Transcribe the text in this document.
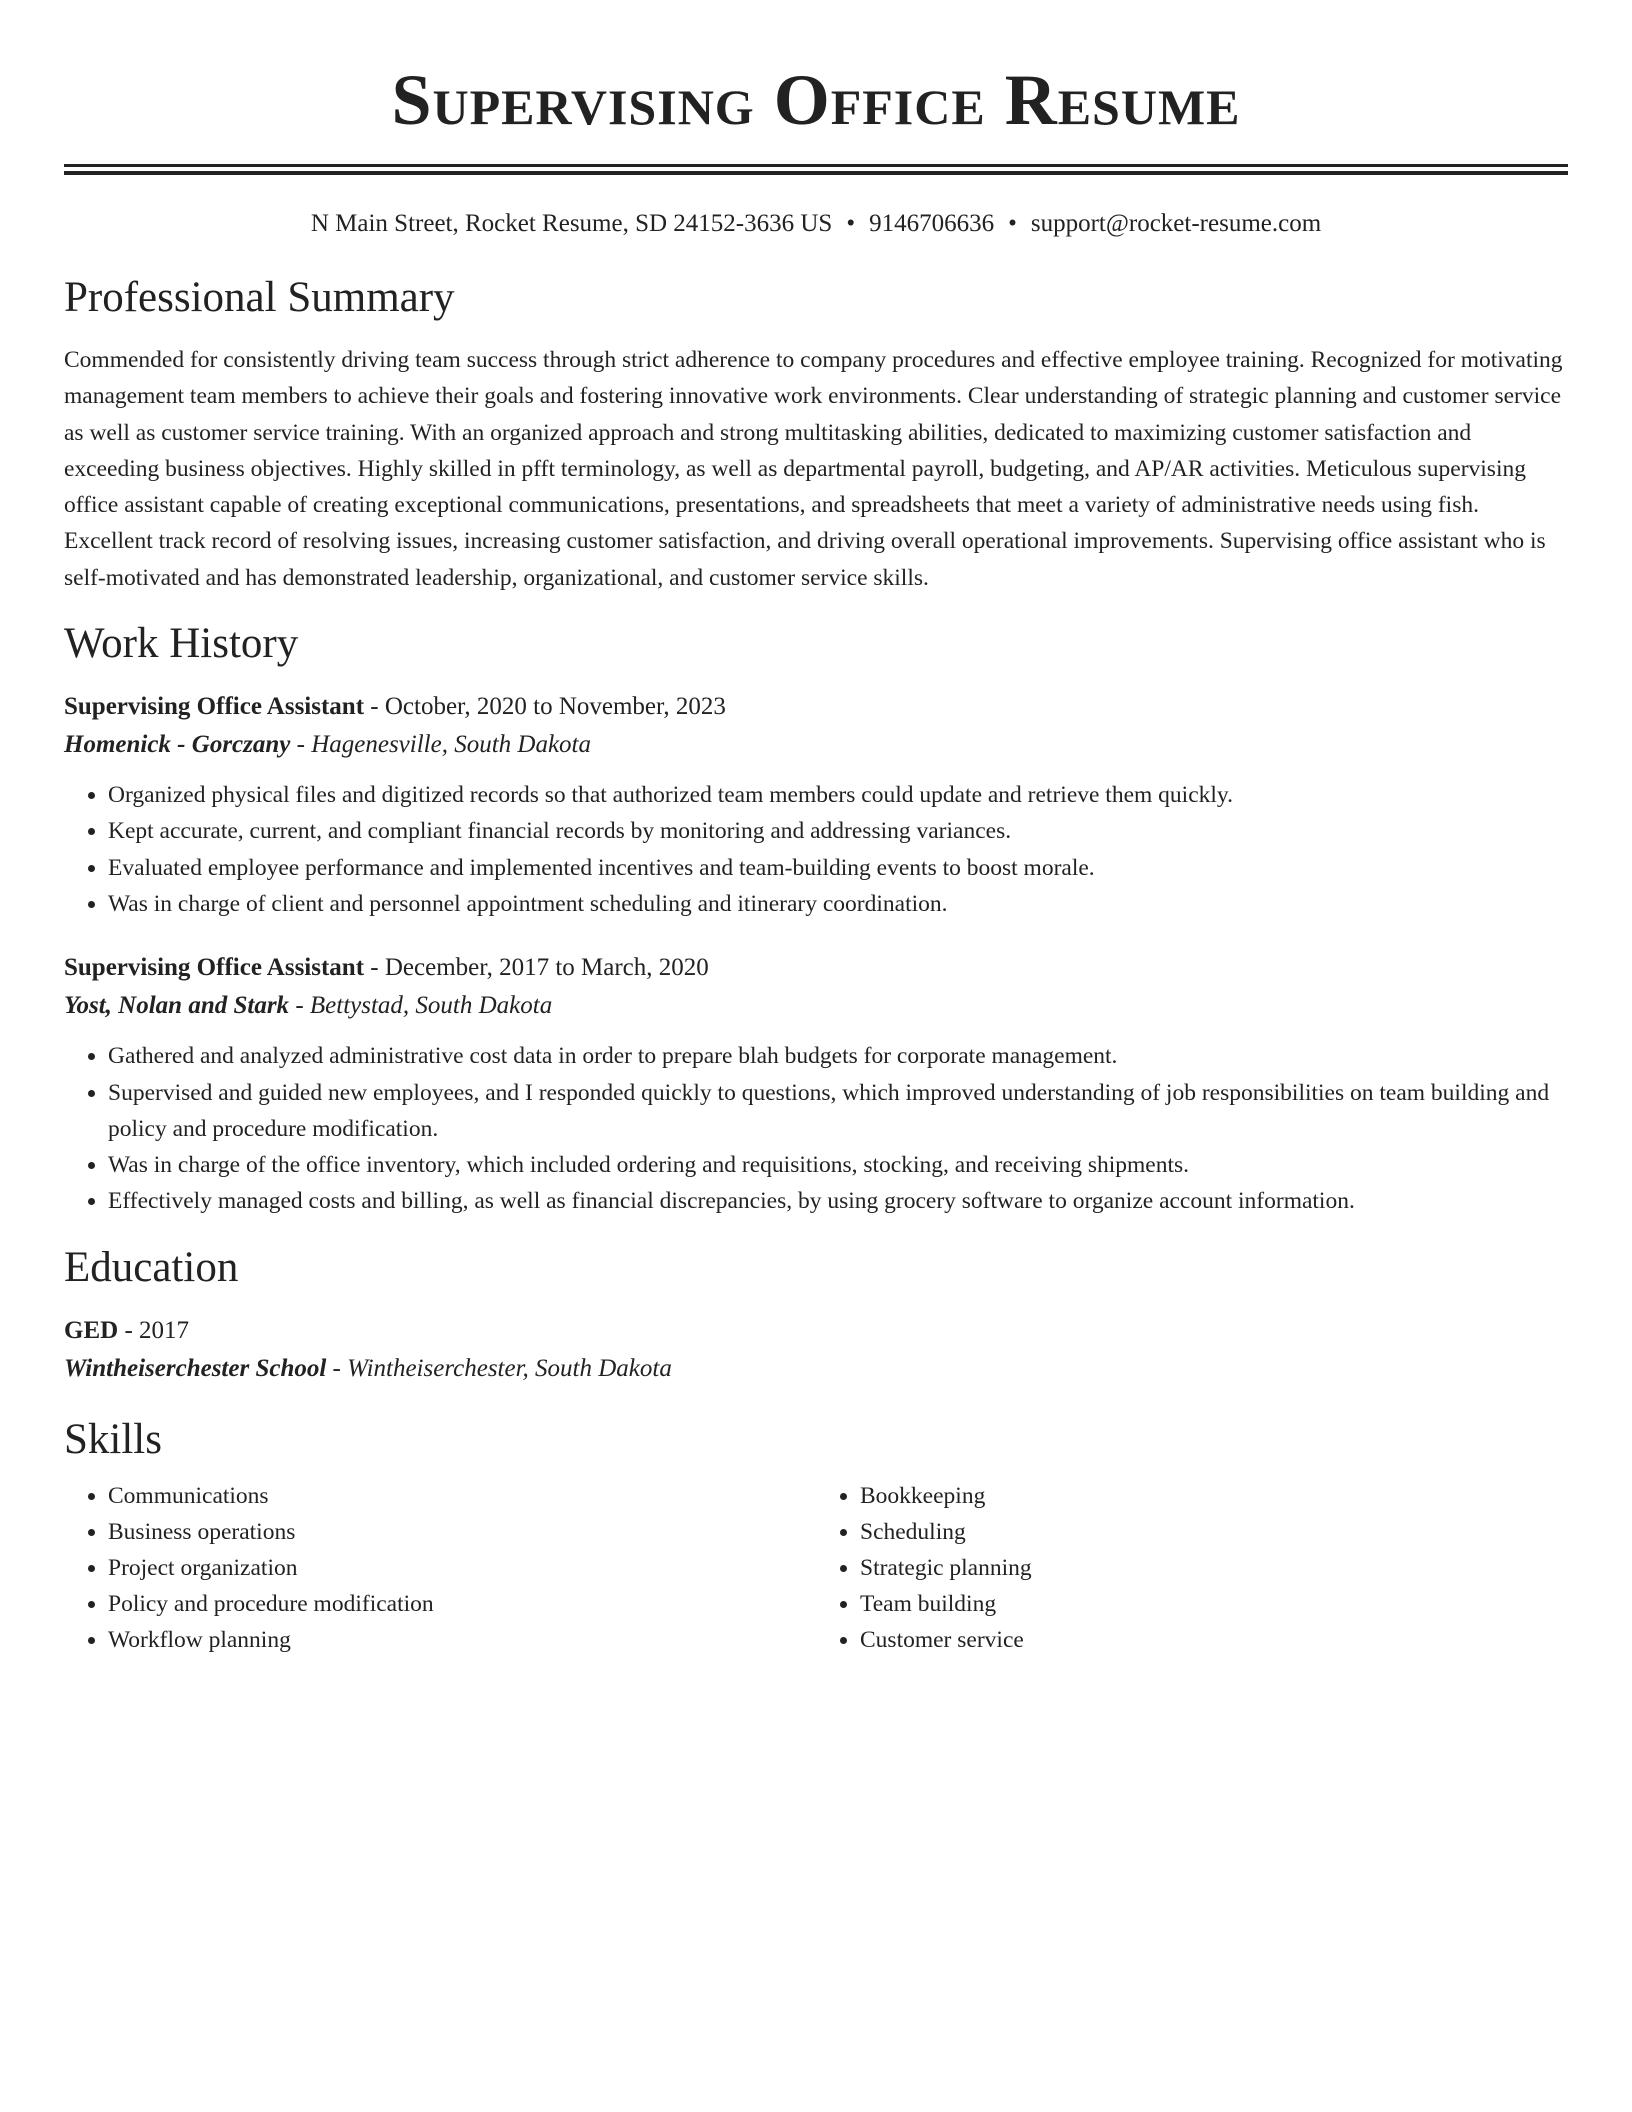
Supervising Office Resume
N Main Street, Rocket Resume, SD 24152-3636 US • 9146706636 • support@rocket-resume.com
Professional Summary

Commended for consistently driving team success through strict adherence to company procedures and effective employee training. Recognized for motivating management team members to achieve their goals and fostering innovative work environments. Clear understanding of strategic planning and customer service as well as customer service training. With an organized approach and strong multitasking abilities, dedicated to maximizing customer satisfaction and exceeding business objectives. Highly skilled in pfft terminology, as well as departmental payroll, budgeting, and AP/AR activities. Meticulous supervising office assistant capable of creating exceptional communications, presentations, and spreadsheets that meet a variety of administrative needs using fish. Excellent track record of resolving issues, increasing customer satisfaction, and driving overall operational improvements. Supervising office assistant who is self-motivated and has demonstrated leadership, organizational, and customer service skills.

Work History
Supervising Office Assistant - October, 2020 to November, 2023
Homenick - Gorczany - Hagenesville, South Dakota
• Organized physical files and digitized records so that authorized team members could update and retrieve them quickly.
• Kept accurate, current, and compliant financial records by monitoring and addressing variances.
• Evaluated employee performance and implemented incentives and team-building events to boost morale.
• Was in charge of client and personnel appointment scheduling and itinerary coordination.
Supervising Office Assistant - December, 2017 to March, 2020
Yost, Nolan and Stark - Bettystad, South Dakota
• Gathered and analyzed administrative cost data in order to prepare blah budgets for corporate management.
• Supervised and guided new employees, and I responded quickly to questions, which improved understanding of job responsibilities on team building and policy and procedure modification.
• Was in charge of the office inventory, which included ordering and requisitions, stocking, and receiving shipments.
• Effectively managed costs and billing, as well as financial discrepancies, by using grocery software to organize account information.
Education
GED - 2017
Wintheiserchester School - Wintheiserchester, South Dakota
Skills
• Communications
• Business operations
• Project organization
• Policy and procedure modification
• Workflow planning
• Bookkeeping
• Scheduling
• Strategic planning
• Team building
• Customer service
